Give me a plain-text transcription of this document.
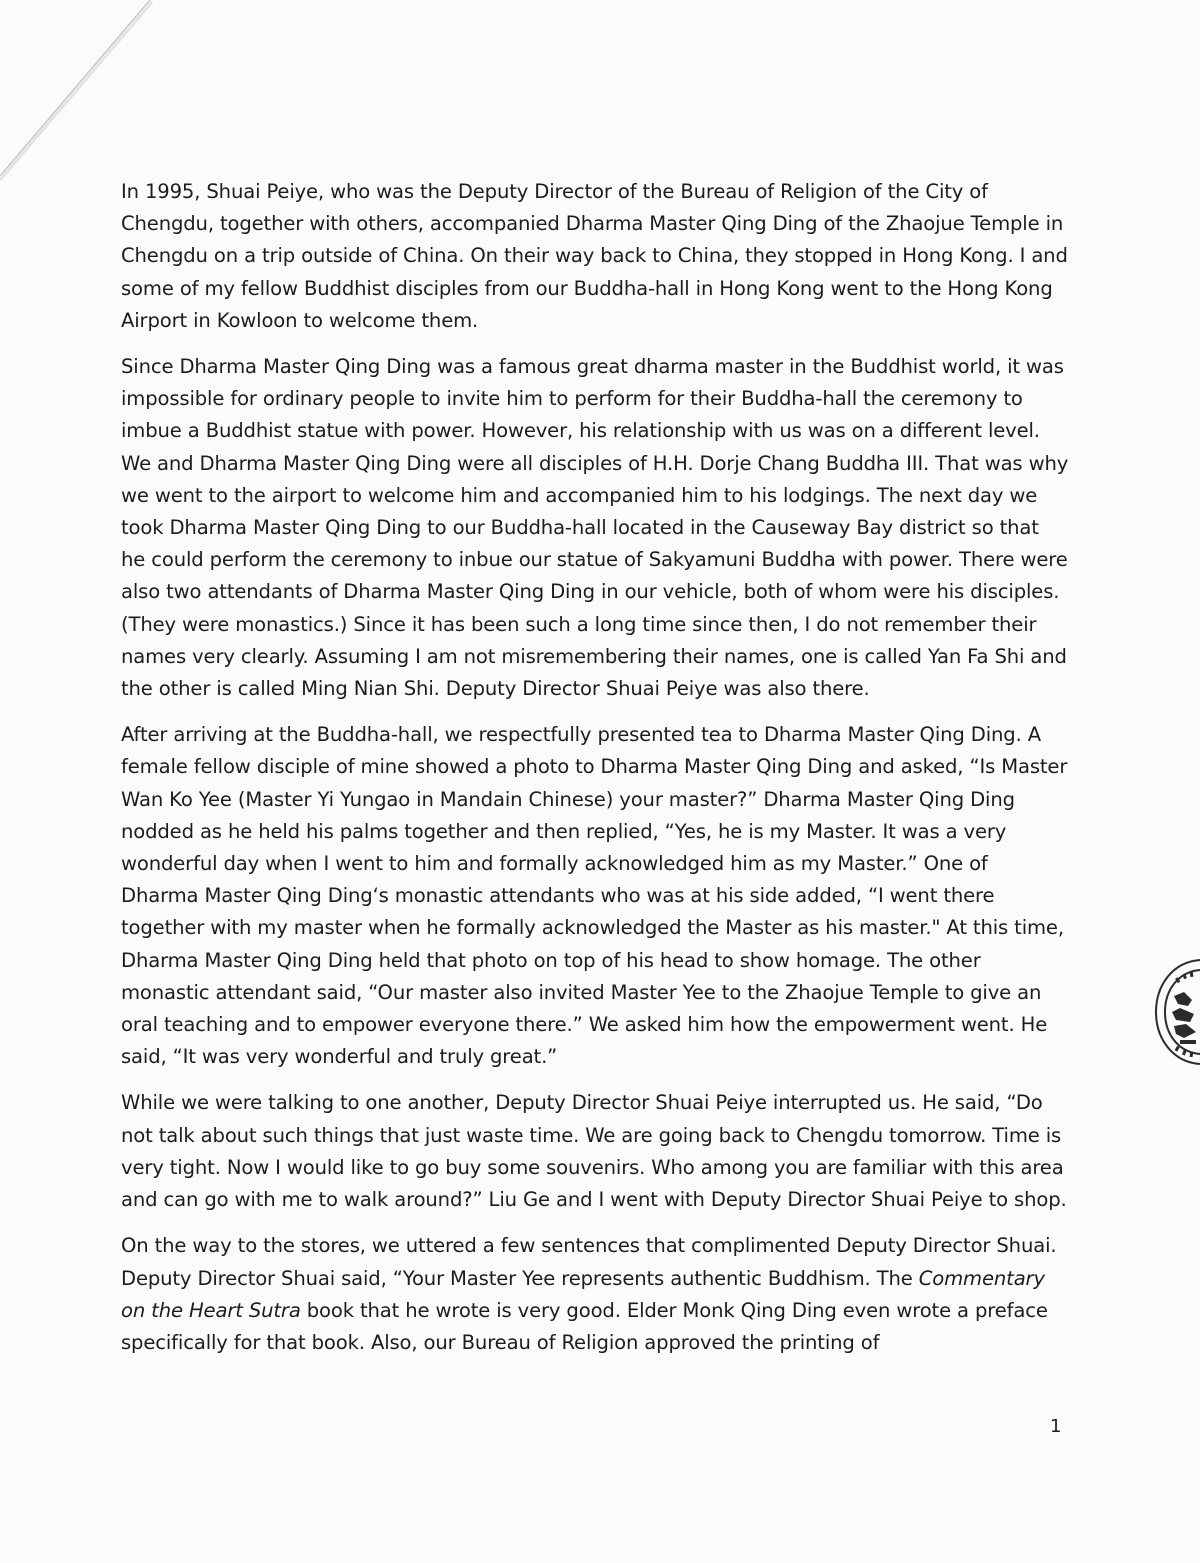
In 1995, Shuai Peiye, who was the Deputy Director of the Bureau of Religion of the City of Chengdu, together with others, accompanied Dharma Master Qing Ding of the Zhaojue Temple in Chengdu on a trip outside of China. On their way back to China, they stopped in Hong Kong. I and some of my fellow Buddhist disciples from our Buddha-hall in Hong Kong went to the Hong Kong Airport in Kowloon to welcome them.

Since Dharma Master Qing Ding was a famous great dharma master in the Buddhist world, it was impossible for ordinary people to invite him to perform for their Buddha-hall the ceremony to imbue a Buddhist statue with power. However, his relationship with us was on a different level. We and Dharma Master Qing Ding were all disciples of H.H. Dorje Chang Buddha III. That was why we went to the airport to welcome him and accompanied him to his lodgings. The next day we took Dharma Master Qing Ding to our Buddha-hall located in the Causeway Bay district so that he could perform the ceremony to inbue our statue of Sakyamuni Buddha with power. There were also two attendants of Dharma Master Qing Ding in our vehicle, both of whom were his disciples. (They were monastics.) Since it has been such a long time since then, I do not remember their names very clearly. Assuming I am not misremembering their names, one is called Yan Fa Shi and the other is called Ming Nian Shi. Deputy Director Shuai Peiye was also there.

After arriving at the Buddha-hall, we respectfully presented tea to Dharma Master Qing Ding. A female fellow disciple of mine showed a photo to Dharma Master Qing Ding and asked, “Is Master Wan Ko Yee (Master Yi Yungao in Mandain Chinese) your master?” Dharma Master Qing Ding nodded as he held his palms together and then replied, “Yes, he is my Master. It was a very wonderful day when I went to him and formally acknowledged him as my Master.” One of Dharma Master Qing Ding‘s monastic attendants who was at his side added, “I went there together with my master when he formally acknowledged the Master as his master." At this time, Dharma Master Qing Ding held that photo on top of his head to show homage. The other monastic attendant said, “Our master also invited Master Yee to the Zhaojue Temple to give an oral teaching and to empower everyone there.” We asked him how the empowerment went. He said, “It was very wonderful and truly great.”

While we were talking to one another, Deputy Director Shuai Peiye interrupted us. He said, “Do not talk about such things that just waste time. We are going back to Chengdu tomorrow. Time is very tight. Now I would like to go buy some souvenirs. Who among you are familiar with this area and can go with me to walk around?” Liu Ge and I went with Deputy Director Shuai Peiye to shop.

On the way to the stores, we uttered a few sentences that complimented Deputy Director Shuai. Deputy Director Shuai said, “Your Master Yee represents authentic Buddhism. The Commentary on the Heart Sutra book that he wrote is very good. Elder Monk Qing Ding even wrote a preface specifically for that book. Also, our Bureau of Religion approved the printing of

1
